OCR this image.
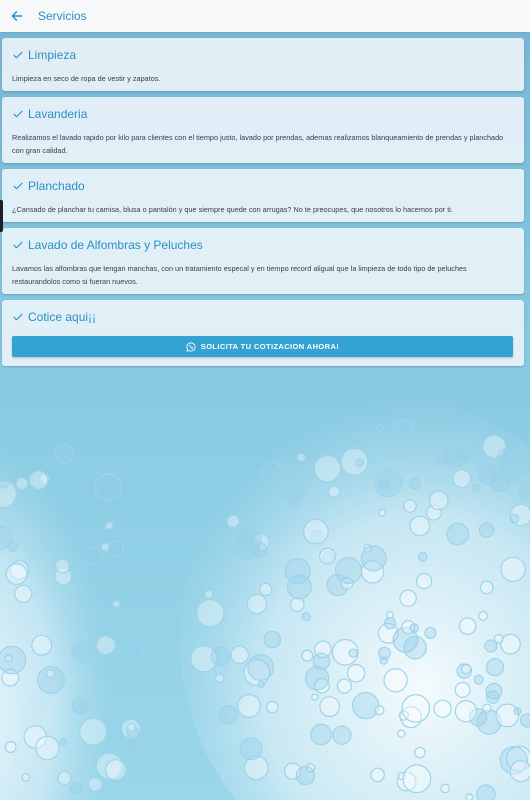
Servicios
Limpieza
Limpieza en seco de ropa de vestir y zapatos.
Lavanderia
Realizamos el lavado rapido por kilo para clientes con el tiempo justo, lavado por prendas, ademas realizamos blanqueamiento de prendas y planchado con gran calidad.
Planchado
¿Cansado de planchar tu camisa, blusa o pantalón y que siempre quede con arrugas? No te preocupes, que nosotros lo hacemos por ti.
Lavado de Alfombras y Peluches
Lavamos las alfombras que tengan manchas, con un tratamiento especal y en tiempo record aligual que la limpieza de todo tipo de peluches restaurandolos como si fueran nuevos.
Cotice aqui¡¡
SOLICITA TU COTIZACION AHORA!
